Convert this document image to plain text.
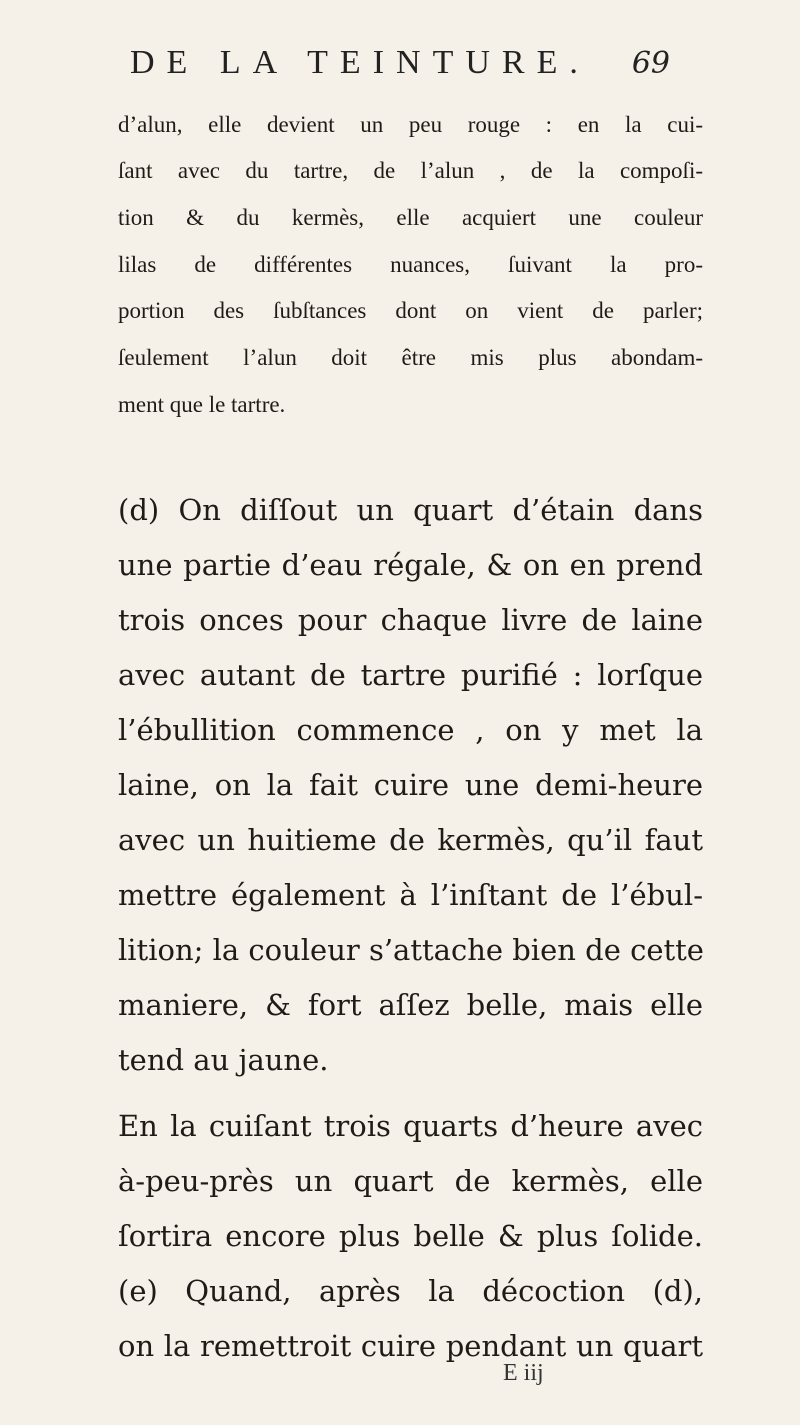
DE LA TEINTURE. 69
d’alun, elle devient un peu rouge : en la cui-
ſant avec du tartre, de l’alun , de la compoſi-
tion & du kermès, elle acquiert une couleur
lilas de différentes nuances, ſuivant la pro-
portion des ſubſtances dont on vient de parler;
ſeulement l’alun doit être mis plus abondam-
ment que le tartre.
(d) On diſſout un quart d’étain dans
une partie d’eau régale, & on en prend
trois onces pour chaque livre de laine
avec autant de tartre purifié : lorſque
l’ébullition commence , on y met la
laine, on la fait cuire une demi-heure
avec un huitieme de kermès, qu’il faut
mettre également à l’inſtant de l’ébul-
lition; la couleur s’attache bien de cette
maniere, & fort aſſez belle, mais elle
tend au jaune.
En la cuiſant trois quarts d’heure avec
à-peu-près un quart de kermès, elle
ſortira encore plus belle & plus ſolide.
(e) Quand, après la décoction (d),
on la remettroit cuire pendant un quart
E iij
